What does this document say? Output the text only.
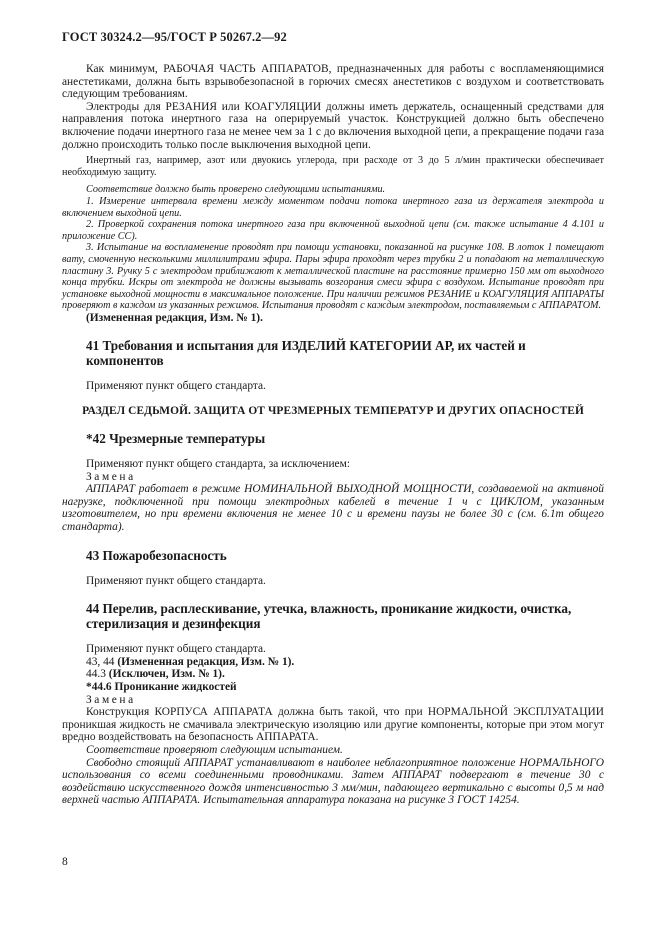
ГОСТ 30324.2—95/ГОСТ Р 50267.2—92

Как минимум, РАБОЧАЯ ЧАСТЬ АППАРАТОВ, предназначенных для работы с воспламеняющимися анестетиками, должна быть взрывобезопасной в горючих смесях анестетиков с воздухом и соответствовать следующим требованиям.

Электроды для РЕЗАНИЯ или КОАГУЛЯЦИИ должны иметь держатель, оснащенный средствами для направления потока инертного газа на оперируемый участок. Конструкцией должно быть обеспечено включение подачи инертного газа не менее чем за 1 с до включения выходной цепи, а прекращение подачи газа должно происходить только после выключения выходной цепи.

Инертный газ, например, азот или двуокись углерода, при расходе от 3 до 5 л/мин практически обеспечивает необходимую защиту.

Соответствие должно быть проверено следующими испытаниями.

1. Измерение интервала времени между моментом подачи потока инертного газа из держателя электрода и включением выходной цепи.

2. Проверкой сохранения потока инертного газа при включенной выходной цепи (см. также испытание 4 4.101 и приложение СС).

3. Испытание на воспламенение проводят при помощи установки, показанной на рисунке 108. В лоток 1 помещают вату, смоченную несколькими миллилитрами эфира. Пары эфира проходят через трубки 2 и попадают на металлическую пластину 3. Ручку 5 с электродом приближают к металлической пластине на расстояние примерно 150 мм от выходного конца трубки. Искры от электрода не должны вызывать возгорания смеси эфира с воздухом. Испытание проводят при установке выходной мощности в максимальное положение. При наличии режимов РЕЗАНИЕ и КОАГУЛЯЦИЯ АППАРАТЫ проверяют в каждом из указанных режимов. Испытания проводят с каждым электродом, поставляемым с АППАРАТОМ.

(Измененная редакция, Изм. № 1).

41 Требования и испытания для ИЗДЕЛИЙ КАТЕГОРИИ АР, их частей и компонентов

Применяют пункт общего стандарта.

РАЗДЕЛ СЕДЬМОЙ. ЗАЩИТА ОТ ЧРЕЗМЕРНЫХ ТЕМПЕРАТУР И ДРУГИХ ОПАСНОСТЕЙ

*42 Чрезмерные температуры

Применяют пункт общего стандарта, за исключением:

Замена

АППАРАТ работает в режиме НОМИНАЛЬНОЙ ВЫХОДНОЙ МОЩНОСТИ, создаваемой на активной нагрузке, подключенной при помощи электродных кабелей в течение 1 ч с ЦИКЛОМ, указанным изготовителем, но при времени включения не менее 10 с и времени паузы не более 30 с (см. 6.1т общего стандарта).

43 Пожаробезопасность

Применяют пункт общего стандарта.

44 Перелив, расплескивание, утечка, влажность, проникание жидкости, очистка, стерилизация и дезинфекция

Применяют пункт общего стандарта.

43, 44 (Измененная редакция, Изм. № 1).

44.3 (Исключен, Изм. № 1).

*44.6 Проникание жидкостей

Замена

Конструкция КОРПУСА АППАРАТА должна быть такой, что при НОРМАЛЬНОЙ ЭКСПЛУАТАЦИИ проникшая жидкость не смачивала электрическую изоляцию или другие компоненты, которые при этом могут вредно воздействовать на безопасность АППАРАТА.

Соответствие проверяют следующим испытанием.

Свободно стоящий АППАРАТ устанавливают в наиболее неблагоприятное положение НОРМАЛЬНОГО использования со всеми соединенными проводниками. Затем АППАРАТ подвергают в течение 30 с воздействию искусственного дождя интенсивностью 3 мм/мин, падающего вертикально с высоты 0,5 м над верхней частью АППАРАТА. Испытательная аппаратура показана на рисунке 3 ГОСТ 14254.

8
